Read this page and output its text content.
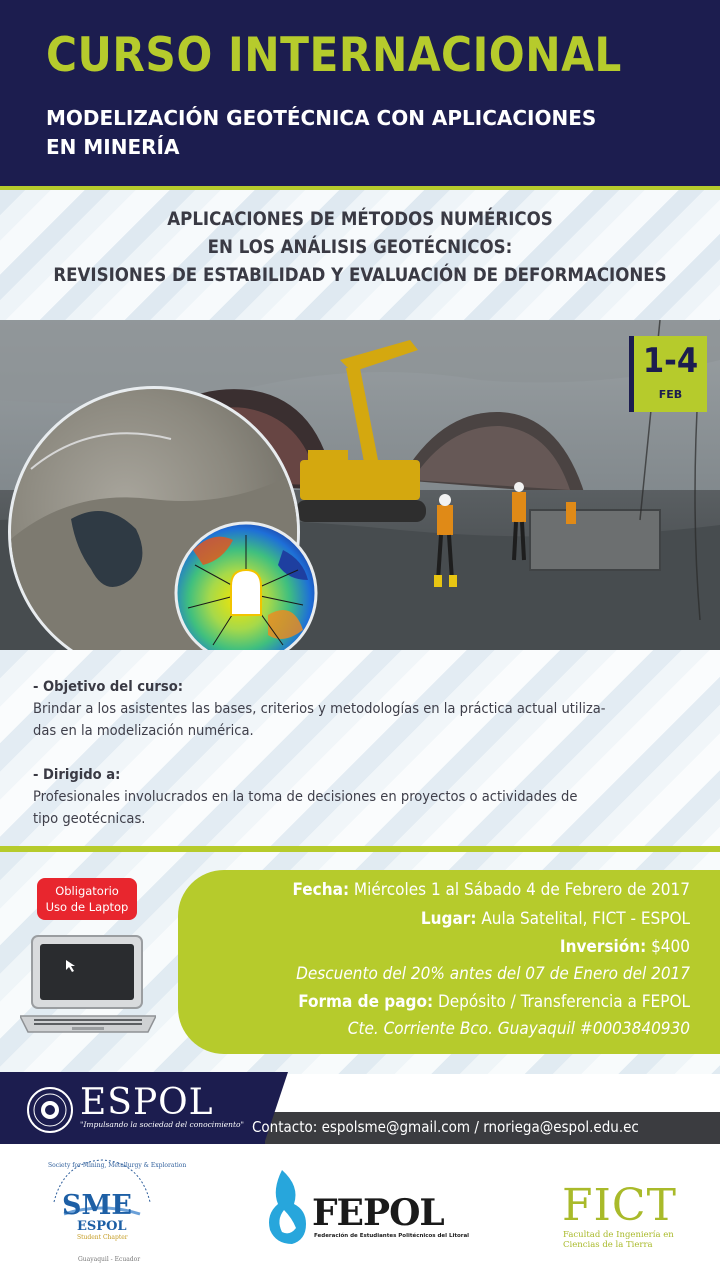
CURSO INTERNACIONAL
MODELIZACIÓN GEOTÉCNICA CON APLICACIONES
EN MINERÍA
APLICACIONES DE MÉTODOS NUMÉRICOS
EN LOS ANÁLISIS GEOTÉCNICOS:
REVISIONES DE ESTABILIDAD Y EVALUACIÓN DE DEFORMACIONES
1-4
FEB
- Objetivo del curso:
Brindar a los asistentes las bases, criterios y metodologías en la práctica actual utiliza-
das en la modelización numérica.
- Dirigido a:
Profesionales involucrados en la toma de decisiones en proyectos o actividades de
tipo geotécnicas.
Obligatorio
Uso de Laptop
Fecha: Miércoles 1 al Sábado 4 de Febrero de 2017
Lugar: Aula Satelital, FICT - ESPOL
Inversión: $400
Descuento del 20% antes del 07 de Enero del 2017
Forma de pago: Depósito / Transferencia a FEPOL
Cte. Corriente Bco. Guayaquil #0003840930
ESPOL
"Impulsando la sociedad del conocimiento" Contacto: espolsme@gmail.com / rnoriega@espol.edu.ec
Society for Mining, Metallurgy & Exploration
SME
ESPOL
Student Chapter
Guayaquil - Ecuador
FEPOL
Federación de Estudiantes Politécnicos del Litoral
FICT
Facultad de Ingeniería en
Ciencias de la Tierra
